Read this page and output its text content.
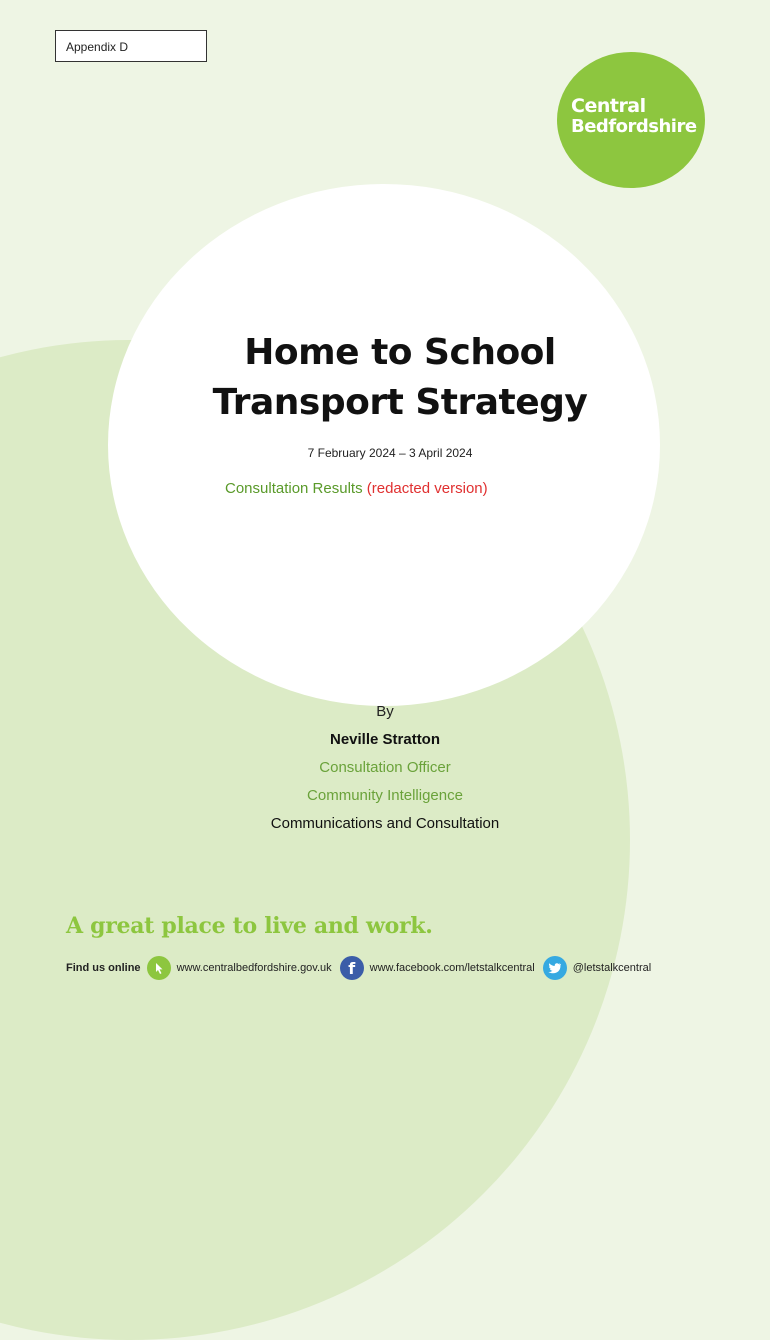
Appendix D
Central
Bedfordshire
Home to School
Transport Strategy
7 February 2024 – 3 April 2024
Consultation Results (redacted version)
By
Neville Stratton
Consultation Officer
Community Intelligence
Communications and Consultation
A great place to live and work.
Find us online	www.centralbedfordshire.gov.uk	f	www.facebook.com/letstalkcentral	@letstalkcentral
